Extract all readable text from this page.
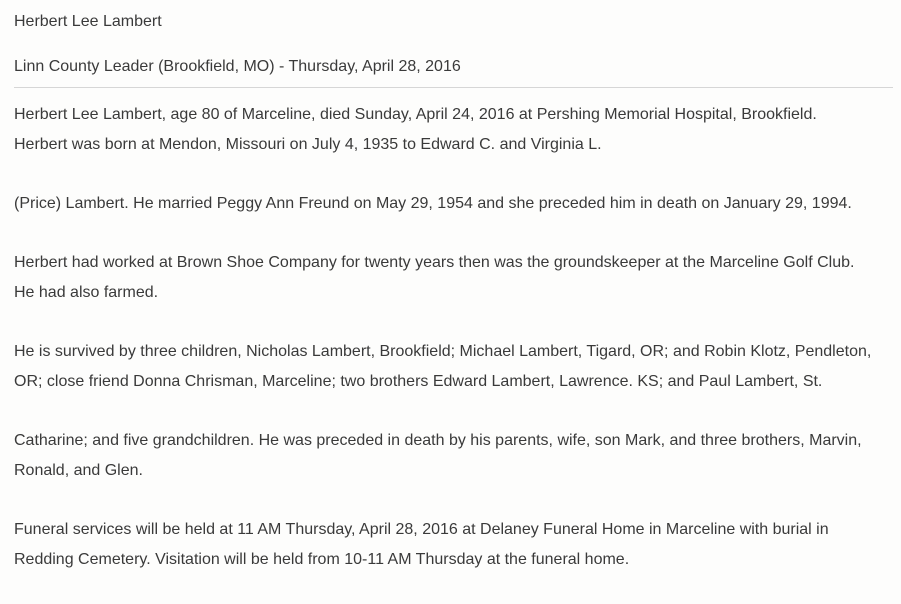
Herbert Lee Lambert
Linn County Leader (Brookfield, MO) - Thursday, April 28, 2016

Herbert Lee Lambert, age 80 of Marceline, died Sunday, April 24, 2016 at Pershing Memorial Hospital, Brookfield.
Herbert was born at Mendon, Missouri on July 4, 1935 to Edward C. and Virginia L.

(Price) Lambert. He married Peggy Ann Freund on May 29, 1954 and she preceded him in death on January 29, 1994.

Herbert had worked at Brown Shoe Company for twenty years then was the groundskeeper at the Marceline Golf Club.
He had also farmed.

He is survived by three children, Nicholas Lambert, Brookfield; Michael Lambert, Tigard, OR; and Robin Klotz, Pendleton,
OR; close friend Donna Chrisman, Marceline; two brothers Edward Lambert, Lawrence. KS; and Paul Lambert, St.

Catharine; and five grandchildren. He was preceded in death by his parents, wife, son Mark, and three brothers, Marvin,
Ronald, and Glen.

Funeral services will be held at 11 AM Thursday, April 28, 2016 at Delaney Funeral Home in Marceline with burial in
Redding Cemetery. Visitation will be held from 10-11 AM Thursday at the funeral home.
